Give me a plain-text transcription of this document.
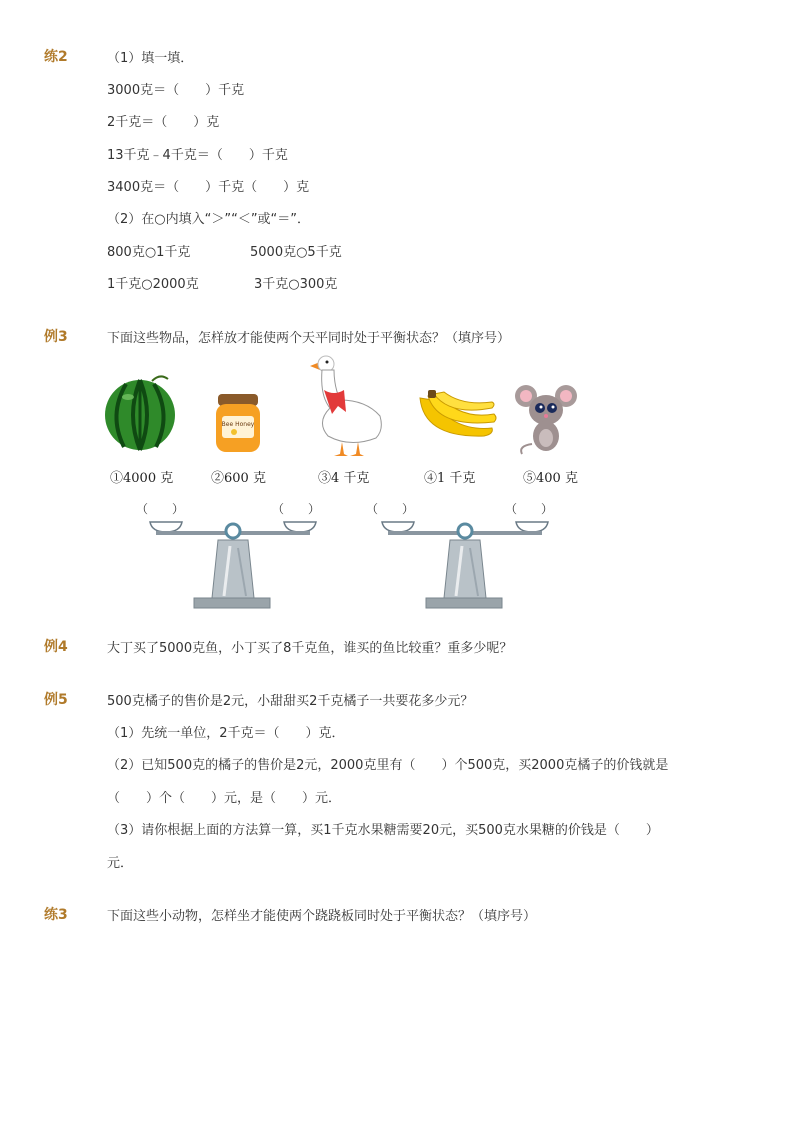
练2	（1）填一填．
3000克＝（　　）千克
2千克＝（　　）克
13千克﹣4千克＝（　　）千克
3400克＝（　　）千克（　　）克
（2）在○内填入“＞”“＜”或“＝”．
800克○1千克	5000克○5千克
1千克○2000克	3千克○300克
例3	下面这些物品，怎样放才能使两个天平同时处于平衡状态？（填序号）
Bee Honey
①4000 克	②600 克	③4 千克	④1 千克	⑤400 克
（　　）	（　　）	（　　）	（　　）
例4	大丁买了5000克鱼，小丁买了8千克鱼，谁买的鱼比较重？重多少呢？
例5	500克橘子的售价是2元，小甜甜买2千克橘子一共要花多少元？
（1）先统一单位，2千克＝（　　）克．
（2）已知500克的橘子的售价是2元，2000克里有（　　）个500克，买2000克橘子的价钱就是
（　　）个（　　）元，是（　　）元．
（3）请你根据上面的方法算一算，买1千克水果糖需要20元，买500克水果糖的价钱是（　　）
元．
练3	下面这些小动物，怎样坐才能使两个跷跷板同时处于平衡状态？（填序号）
